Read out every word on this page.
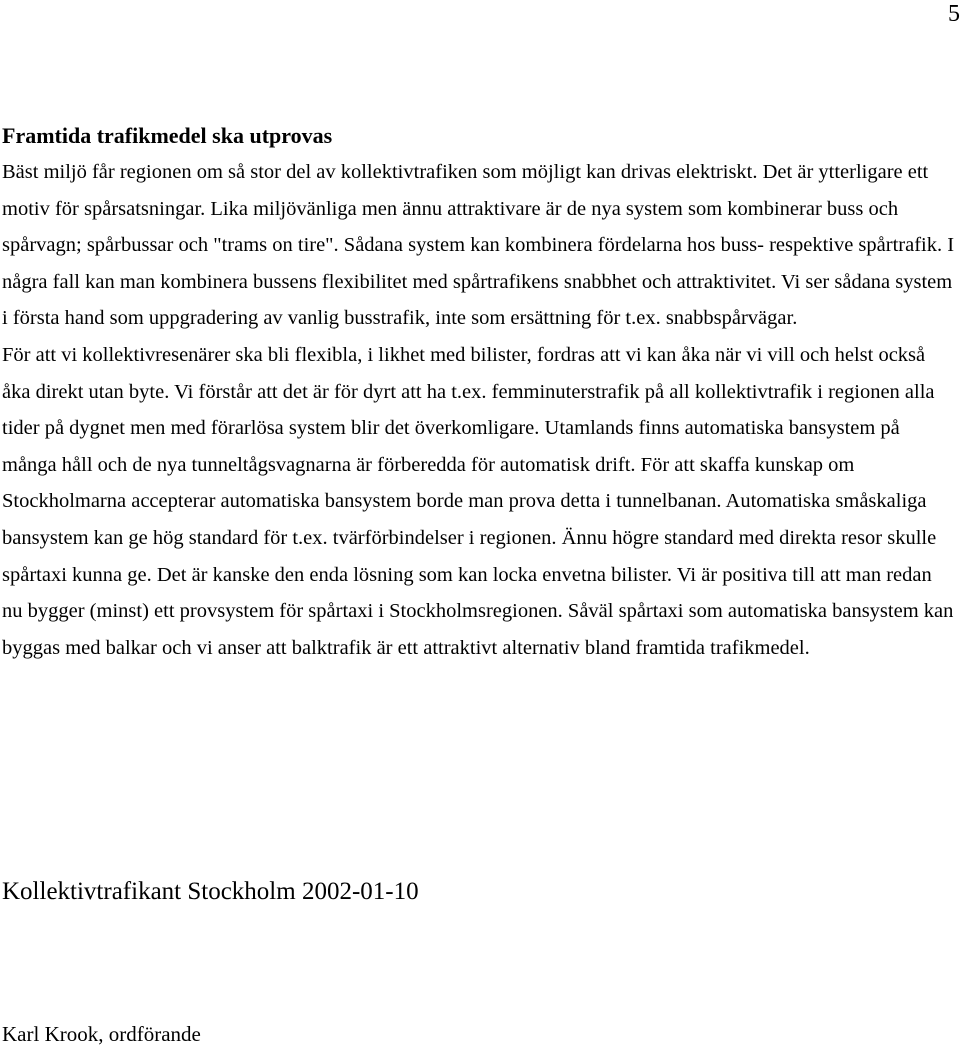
5

Framtida trafikmedel ska utprovas

Bäst miljö får regionen om så stor del av kollektivtrafiken som möjligt kan drivas elektriskt. Det är ytterligare ett motiv för spårsatsningar. Lika miljövänliga men ännu attraktivare är de nya system som kombinerar buss och spårvagn; spårbussar och "trams on tire". Sådana system kan kombinera fördelarna hos buss- respektive spårtrafik. I några fall kan man kombinera bussens flexibilitet med spårtrafikens snabbhet och attraktivitet. Vi ser sådana system i första hand som uppgradering av vanlig busstrafik, inte som ersättning för t.ex. snabbspårvägar.

För att vi kollektivresenärer ska bli flexibla, i likhet med bilister, fordras att vi kan åka när vi vill och helst också åka direkt utan byte. Vi förstår att det är för dyrt att ha t.ex. femminuterstrafik på all kollektivtrafik i regionen alla tider på dygnet men med förarlösa system blir det överkomligare. Utamlands finns automatiska bansystem på många håll och de nya tunneltågsvagnarna är förberedda för automatisk drift. För att skaffa kunskap om Stockholmarna accepterar automatiska bansystem borde man prova detta i tunnelbanan. Automatiska småskaliga bansystem kan ge hög standard för t.ex. tvärförbindelser i regionen. Ännu högre standard med direkta resor skulle spårtaxi kunna ge. Det är kanske den enda lösning som kan locka envetna bilister. Vi är positiva till att man redan nu bygger (minst) ett provsystem för spårtaxi i Stockholmsregionen. Såväl spårtaxi som automatiska bansystem kan byggas med balkar och vi anser att balktrafik är ett attraktivt alternativ bland framtida trafikmedel.

Kollektivtrafikant Stockholm 2002-01-10
Karl Krook, ordförande
